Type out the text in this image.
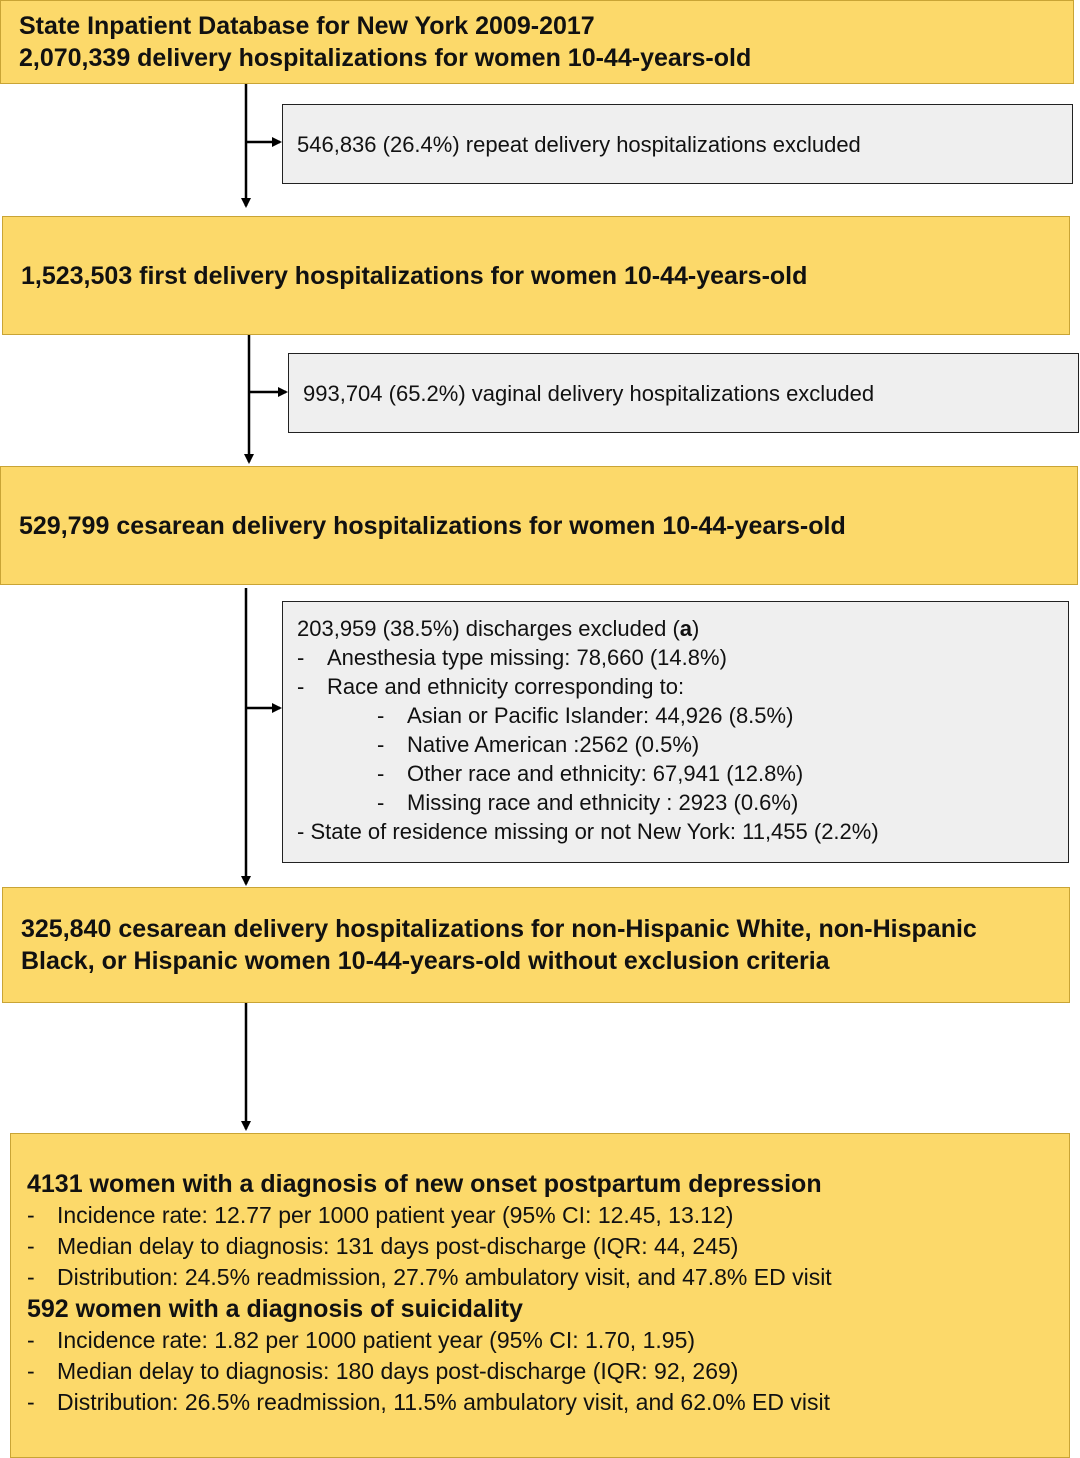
State Inpatient Database for New York 2009-2017
2,070,339 delivery hospitalizations for women 10-44-years-old
546,836 (26.4%) repeat delivery hospitalizations excluded
1,523,503 first delivery hospitalizations for women 10-44-years-old
993,704 (65.2%) vaginal delivery hospitalizations excluded
529,799 cesarean delivery hospitalizations for women 10-44-years-old
203,959 (38.5%) discharges excluded (a)
- Anesthesia type missing: 78,660 (14.8%)
- Race and ethnicity corresponding to:
- Asian or Pacific Islander: 44,926 (8.5%)
- Native American :2562 (0.5%)
- Other race and ethnicity: 67,941 (12.8%)
- Missing race and ethnicity : 2923 (0.6%)
- State of residence missing or not New York: 11,455 (2.2%)
325,840 cesarean delivery hospitalizations for non-Hispanic White, non-Hispanic
Black, or Hispanic women 10-44-years-old without exclusion criteria
4131 women with a diagnosis of new onset postpartum depression
- Incidence rate: 12.77 per 1000 patient year (95% CI: 12.45, 13.12)
- Median delay to diagnosis: 131 days post-discharge (IQR: 44, 245)
- Distribution: 24.5% readmission, 27.7% ambulatory visit, and 47.8% ED visit
592 women with a diagnosis of suicidality
- Incidence rate: 1.82 per 1000 patient year (95% CI: 1.70, 1.95)
- Median delay to diagnosis: 180 days post-discharge (IQR: 92, 269)
- Distribution: 26.5% readmission, 11.5% ambulatory visit, and 62.0% ED visit
